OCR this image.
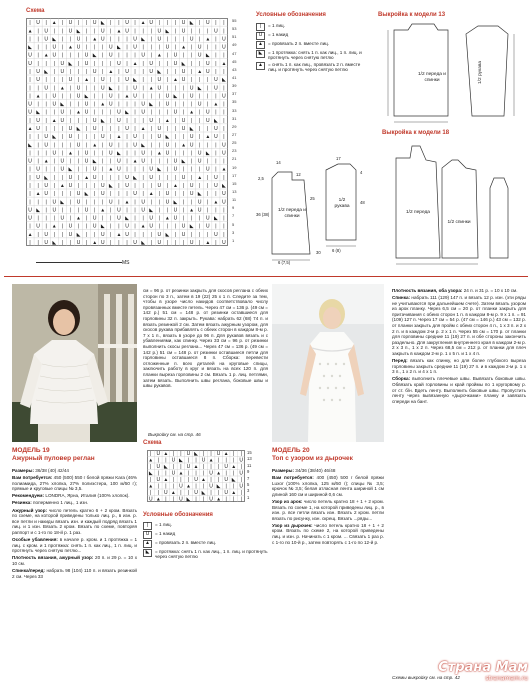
Схема
| U | ▲ | U | | U ◣ | | U | ▲ U | | | U ◣ | U | |
▲ | U | | U ◣ | | U | ▲ U | | | U ◣ | U | | | U |
| | U ◣ | | U | ▲ U | | | U ◣ | U | | | U | ▲ | U
◣ | | U | ▲ U | | | U ◣ | U | | | U | ▲ | U | | U
U | ▲ U | | | U ◣ | U | | | U | ▲ | U | | U ◣ | |
U | | | U ◣ | U | | | U | ▲ | U | | U ◣ | | U | ▲
| U ◣ | U | | | U | ▲ | U | | U ◣ | | U | ▲ U | |
| U | | | U | ▲ | U | | U ◣ | | U | ▲ U | | | U ◣
| | U | ▲ | U | | U ◣ | | U | ▲ U | | | U ◣ | U |
| ▲ | U | | U ◣ | | U | ▲ U | | | U ◣ | U | | | U
U | | U ◣ | | U | ▲ U | | | U ◣ | U | | | U | ▲ |
U ◣ | | U | ▲ U | | | U ◣ | U | | | U | ▲ | U | |
| U | ▲ U | | | U ◣ | U | | | U | ▲ | U | | U ◣ |
▲ U | | | U ◣ | U | | | U | ▲ | U | | U ◣ | | U |
| | U ◣ | U | | | U | ▲ | U | | U ◣ | | U | ▲ U |
◣ | U | | | U | ▲ | U | | U ◣ | | U | ▲ U | | | U
| | | U | ▲ | U | | U ◣ | | U | ▲ U | | | U ◣ | U
U | ▲ | U | | U ◣ | | U | ▲ U | | | U ◣ | U | | |
| U | | U ◣ | | U | ▲ U | | | U ◣ | U | | | U | ▲
| U ◣ | | U | ▲ U | | | U ◣ | U | | | U | ▲ | U |
| | U | ▲ U | | | U ◣ | U | | | U | ▲ | U | | U ◣
| ▲ U | | | U ◣ | U | | | U | ▲ | U | | U ◣ | | U
| | | U ◣ | U | | | U | ▲ | U | | U ◣ | | U | ▲ U
U ◣ | U | | | U | ▲ | U | | U ◣ | | U | ▲ U | | |
U | | | U | ▲ | U | | U ◣ | | U | ▲ U | | | U ◣ |
| U | ▲ | U | | U ◣ | | U | ▲ U | | | U ◣ | U | |
▲ | U | | U ◣ | | U | ▲ U | | | U ◣ | U | | | U |
| | U ◣ | | U | ▲ U | | | U ◣ | U | | | U | ▲ | U
55
53
51
49
47
45
43
41
39
37
35
33
31
29
27
25
23
21
19
17
15
13
11
9
7
5
3
1
MS
Условные обозначения
|	= 1 лиц.
U	= 1 накид
▲	= провязать 2 п. вместе лиц.
◣	= 1 протяжка: снять 1 п. как лиц., 1 п. лиц. и протянуть через снятую петлю
▲	= снять 1 п. как лиц., провязать 2 п. вместе лиц. и протянуть через снятую петлю
Выкройка к модели 13
1/2 переда и спинки	1/2 рукава
Выкройка к модели 18
1/2 переда
1/2 спинки
1/2 переда и спинки
1/2 рукава
14
2,5
25
12
36 (38)
6 (7,5)
17
4
48
6 (8)
30
МОДЕЛЬ 19
Ажурный пуловер реглан
Размеры: 36/38 (40) 42/44
Вам потребуется: 450 (500) 550 г белой пряжи Kara (46% полиамида, 27% хлопка, 27% полиэстера, 100 м/50 г); прямые и круговые спицы № 3,5.
Рекомендуем: LONDRA, Ярна, Италия (100% хлопок).
Резинка: поперменно 1 лиц., 1 изн.
Ажурный узор: число петель кратно 6 + 2 кром. Вязать по схеме, на которой приведены только лиц. р., в изн. р. все петли и накиды вязать изн. и каждый подряд вязать 1 лиц. и 1 изн. Вязать 2 кром. Вязать по схеме, повторяя раппорт и с 1-го по 18-й р. 1 раз.
Особые убавления: в начале р. кром. и 1 протяжка = 1 лиц. с кром. и 1 протяжка: снять 1 п. как лиц., 1 п. лиц. и протянуть через снятую петлю...
Плотность вязания, ажурный узор: 20 п. и 29 р. = 10 х 10 см.
Спинка/перед: набрать 98 (104) 110 п. и вязать резинкой 2 см. Через 33
см = 96 р. от резинки закрыть для скосов реглана с обеих сторон по 3 п., затем в 19 (22) 25 х 1 п. Следите за тем, чтобы в узоре число накидов соответствовало числу провязанных вместе петель. Через 47 см = 136 р. (49 см = 142 р.) 51 см = 148 р. от резинки оставшиеся для горловины 32 п. закрыть. Рукава: набрать 62 (68) 74 п. и вязать резинкой 2 см. Затем вязать ажурным узором, для скосов рукава прибавлять с обеих сторон в каждом 8-м р. 7 х 1 п., вязать в узоре до 96 п. Для рукавов вязать и с убавлениями, как спинку. Через 33 см = 96 р. от резинки выполнить скосы реглана... Через 47 см = 136 р. (49 см = 142 р.) 51 см = 148 р. от резинки оставшиеся петли для горловины оставшиеся 8 п. Сборка: перевести отложенные п. всех деталей на круговые спицы, заключить работу в круг и вязать на всех 120 п. для планки выреза горловины 2 см. Вязать 1 р. лиц. петлями, затем вязать. Выполнить швы реглана, боковые швы и швы рукавов.
Выкройку см. на стр. 46
Схема
| U ▲ | | U ◣ | | U ▲ | |
▲ | | U ◣ | | U ▲ | | | U
| U ◣ | | U ▲ | | | U ▲ |
◣ | | U ▲ | | | U ▲ | | U
| U ▲ | | | U ▲ | | U ◣ |
▲ | | | U ▲ | | U ◣ | | U
| | U ▲ | | U ◣ | | U ▲ |
U ▲ | | U ◣ | | U ▲ | | |
15
13
11
9
7
5
3
1
Условные обозначения
|	= 1 лиц.
U	= 1 накид
▲	= провязать 2 п. вместе лиц.
◣	= протяжка: снять 1 п. как лиц., 1 п. лиц. и протянуть через снятую петлю
МОДЕЛЬ 20
Топ с узором из дырочек
Размеры: 34/36 (38/40) 46/48
Вам потребуется: 400 (450) 500 г белой пряжи Luxor (100% хлопка, 125 м/50 г); спицы № 3,5; крючок № 3,5; белая атласная лента шириной 1 см длиной 160 см и шириной 0,6 см.
Узор из арок: число петель кратно 18 + 1 + 2 кром. Вязать по схеме 1, на которой приведены лиц. р., в изн. р. все петли вязать изн. Вязать 2 кром. петли вязать по рисунку, изн. скрещ. Вязать ...ряды...
Узор из дырочек: число петель кратно 18 + 1 + 2 кром. Вязать по схеме 2, на которой приведены лиц. и изн. р. Начинать с 1 кром. ... Связать 1 раз р. с 1-го по 10-й р., затем повторять с 1-го по 12-й р.
Плотность вязания, оба узора: 24 п. и 31 р. = 10 х 10 см.
Спинка: набрать 111 (129) 147 п. и вязать 12 р. изн. (эти ряды не учитываются при дальнейшем счете). Затем вязать узором из арок планку. Через 6,5 см = 20 р. от планки закрыть для притачивания с обеих сторон 1 п. в каждом 8-м р. 9 х 1 п. = 91 (109) 127 п. Через 17 см = 54 р. (47 см = 146 р.) 43 см = 132 р. от планки закрыть для пройм с обеих сторон 4 п., 1 х 3 п. и 2 х 2 п. и в каждом 2-м р. 2 х 1 п. Через 55 см = 170 р. от планки для горловины средние 11 (19) 27 п. и обе стороны закончить раздельно. Для закругления внутреннего края в каждом 2-м р. 2 х 3 п., 1 х 2 п. Через 68,5 см = 212 р. от планки для плеч закрыть в каждом 2-м р. 1 х 5 п. и 1 х 4 п.
Перед: вязать как спинку, но для более глубокого выреза горловины закрыть средние 11 (19) 27 п. и в каждом 2-м р. 1 х 3 п., 1 х 2 п. и 4 х 1 п.
Сборка: выполнить плечевые швы. Вывязать боковые швы. Обвязать край горловины и край проймы по 1 кругорвому р. от ст. б/н. Вдеть ленту. Выполнить боковые швы. Пропустить ленту через вывязанную «дырочками» планку и завязать спереди на бант.
Схемы выкройку см. на стр. 42
Страна Мам
stranamam.ru
